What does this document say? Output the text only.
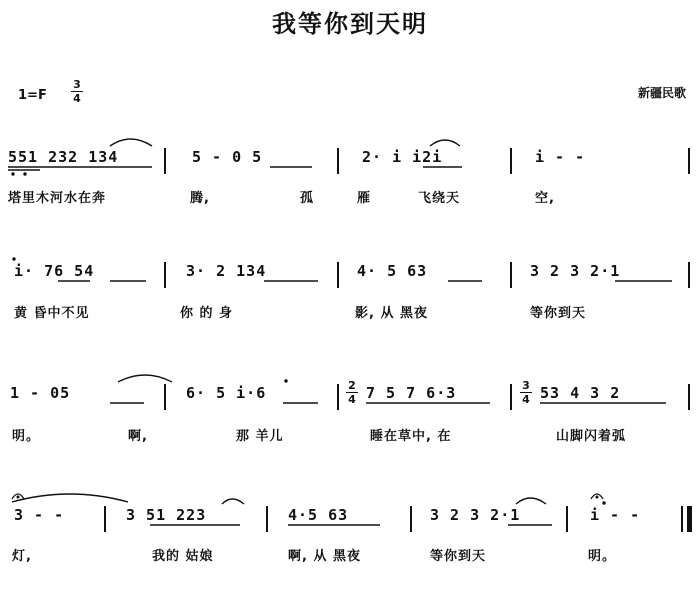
我等你到天明
1=F
3
4	新疆民歌
551 232 134	5 - 0 5	2· i i2i	i - -
塔里木河水在奔	腾,	孤	雁	飞绕天	空,
i· 76 54	3· 2 134	4· 5 63	3 2 3 2·1
黄 昏中不见	你 的 身	影, 从 黑夜	等你到天
1 - 05	6· 5 i·6	7 5 7 6·3	53 4 3 2
2
4
3
4
明。	啊,	那 羊儿	睡在草中, 在	山脚闪着弧
3 - -	3 51 223	4·5 63	3 2 3 2·1	i - -
灯,	我的 姑娘	啊, 从 黑夜	等你到天	明。
